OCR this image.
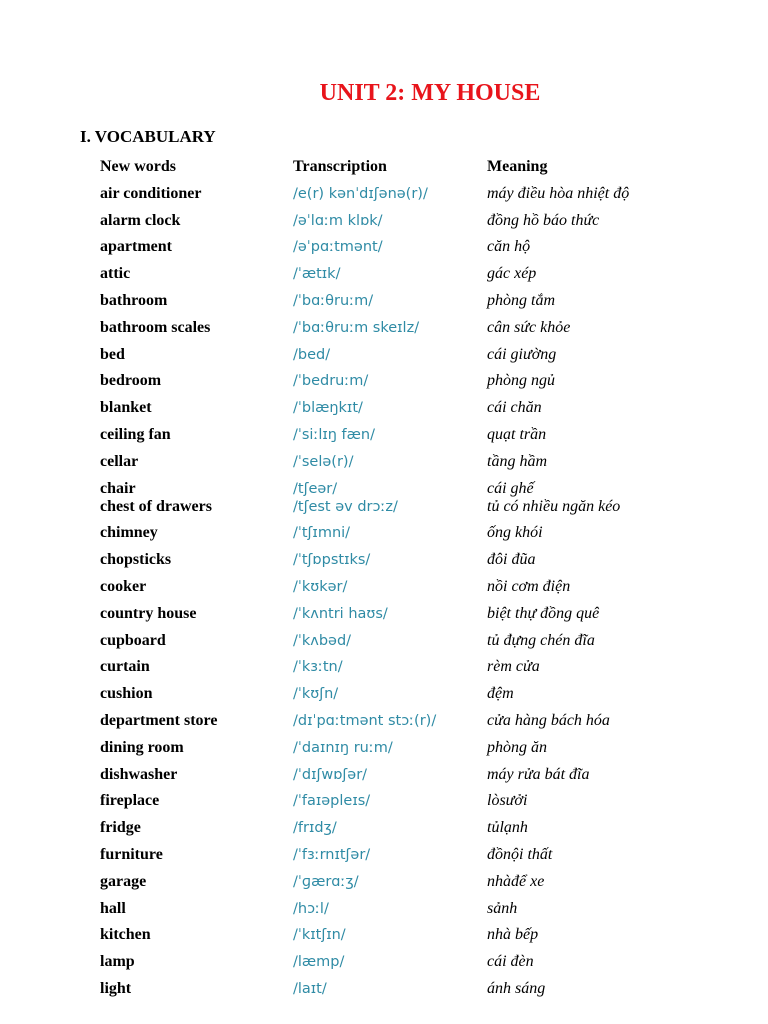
UNIT 2: MY HOUSE
I. VOCABULARY
New words	Transcription	Meaning
air conditioner	/e(r) kənˈdɪʃənə(r)/	máy điều hòa nhiệt độ
alarm clock	/əˈlɑːm klɒk/	đồng hồ báo thức
apartment	/əˈpɑːtmənt/	căn hộ
attic	/ˈætɪk/	gác xép
bathroom	/ˈbɑːθruːm/	phòng tắm
bathroom scales	/ˈbɑːθruːm skeɪlz/	cân sức khỏe
bed	/bed/	cái giường
bedroom	/ˈbedruːm/	phòng ngủ
blanket	/ˈblæŋkɪt/	cái chăn
ceiling fan	/ˈsiːlɪŋ fæn/	quạt trần
cellar	/ˈselə(r)/	tầng hầm
chair	/tʃeər/	cái ghế
chest of drawers	/tʃest əv drɔːz/	tủ có nhiều ngăn kéo
chimney	/ˈtʃɪmni/	ống khói
chopsticks	/ˈtʃɒpstɪks/	đôi đũa
cooker	/ˈkʊkər/	nồi cơm điện
country house	/ˈkʌntri haʊs/	biệt thự đồng quê
cupboard	/ˈkʌbəd/	tủ đựng chén đĩa
curtain	/ˈkɜːtn/	rèm cửa
cushion	/ˈkʊʃn/	đệm
department store	/dɪˈpɑːtmənt stɔː(r)/	cửa hàng bách hóa
dining room	/ˈdaɪnɪŋ ruːm/	phòng ăn
dishwasher	/ˈdɪʃwɒʃər/	máy rửa bát đĩa
fireplace	/ˈfaɪəpleɪs/	lòsưởi
fridge	/frɪdʒ/	tủlạnh
furniture	/ˈfɜːrnɪtʃər/	đồnội thất
garage	/ˈɡærɑːʒ/	nhàđể xe
hall	/hɔːl/	sảnh
kitchen	/ˈkɪtʃɪn/	nhà bếp
lamp	/læmp/	cái đèn
light	/laɪt/	ánh sáng
